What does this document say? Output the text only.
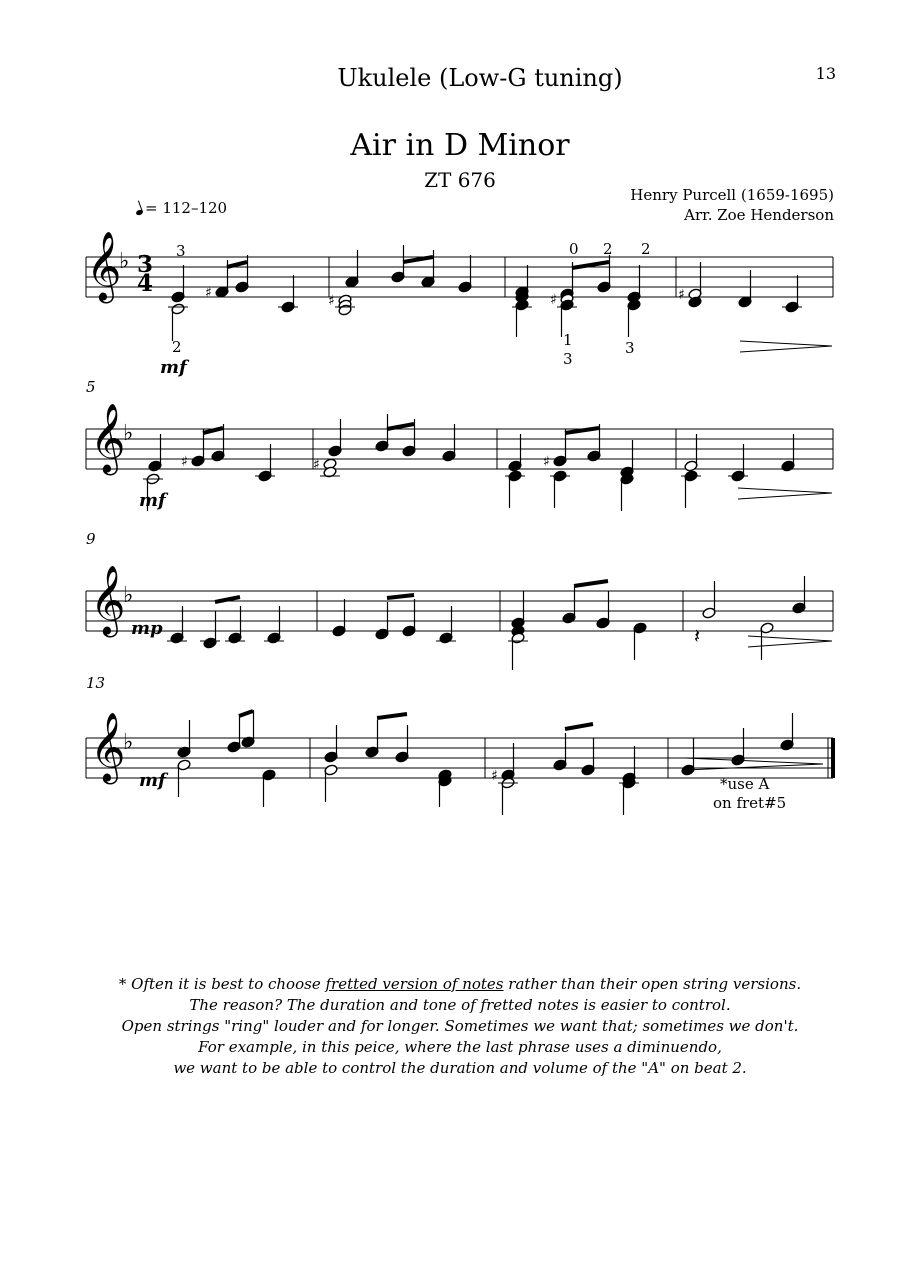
Ukulele (Low-G tuning)	13
Air in D Minor
ZT 676
Henry Purcell (1659-1695)
Arr. Zoe Henderson
= 112–120
♯	♯	♯	♯
♯	♯	♯
𝄽
♯
𝄞
𝄞
𝄞
𝄞
♭
♭
♭
♭
3
4
5
9
13
mf
mf
mp
mf
3
2
0 2 2
1
3
3
*use A
on fret#5
* Often it is best to choose fretted version of notes rather than their open string versions.
The reason? The duration and tone of fretted notes is easier to control.
Open strings "ring" louder and for longer. Sometimes we want that; sometimes we don't.
For example, in this peice, where the last phrase uses a diminuendo,
we want to be able to control the duration and volume of the "A" on beat 2.
